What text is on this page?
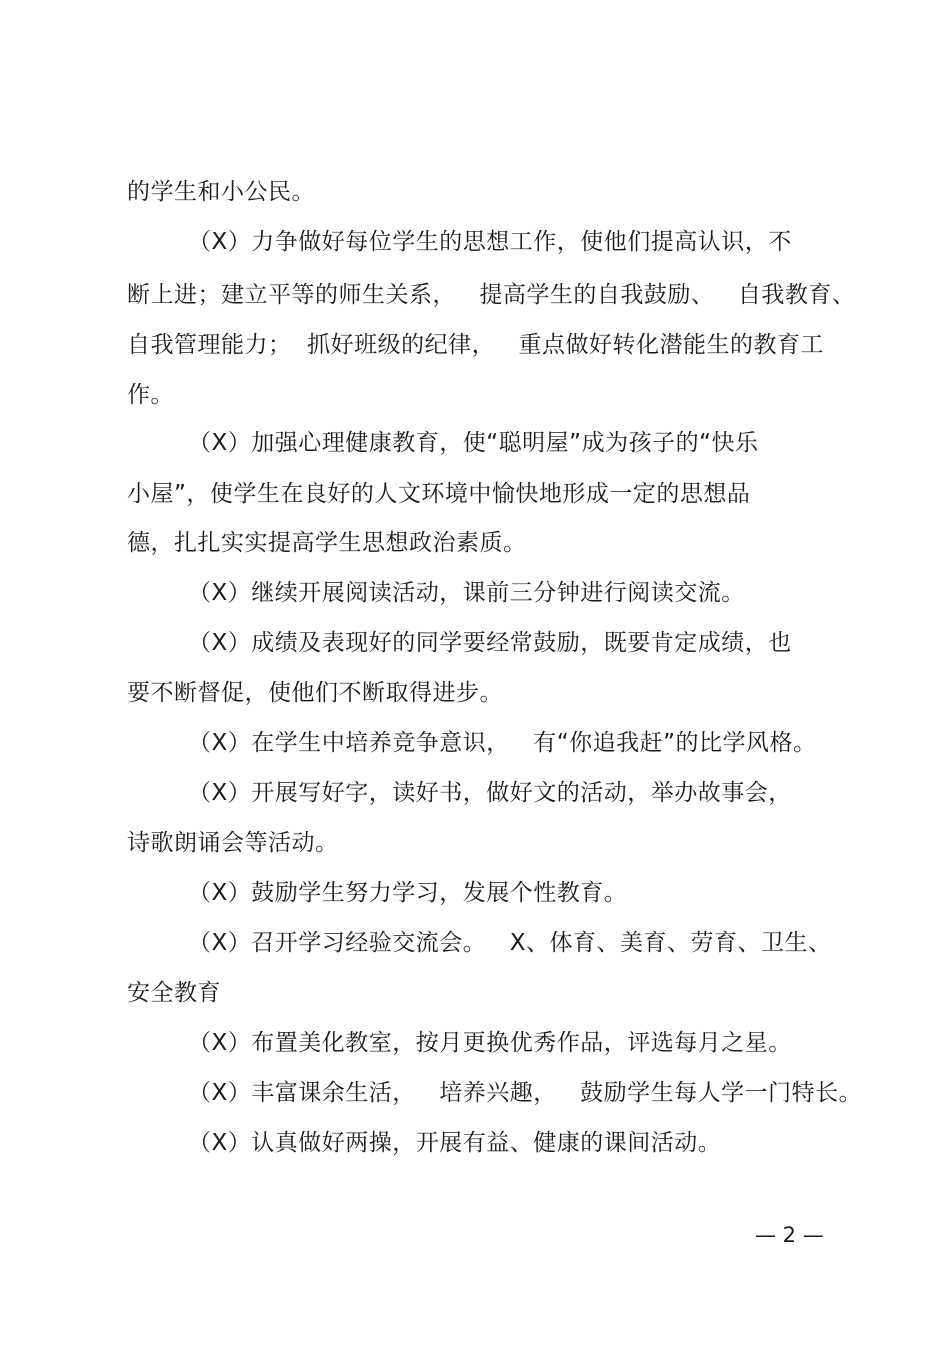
的学生和小公民。
（X）力争做好每位学生的思想工作，使他们提高认识，不
断上进；建立平等的师生关系，   提高学生的自我鼓励、   自我教育、
自我管理能力；  抓好班级的纪律，   重点做好转化潜能生的教育工
作。
（X）加强心理健康教育，使“聪明屋”成为孩子的“快乐
小屋”，使学生在良好的人文环境中愉快地形成一定的思想品
德，扎扎实实提高学生思想政治素质。
（X）继续开展阅读活动，课前三分钟进行阅读交流。
（X）成绩及表现好的同学要经常鼓励，既要肯定成绩，也
要不断督促，使他们不断取得进步。
（X）在学生中培养竞争意识，   有“你追我赶”的比学风格。
（X）开展写好字，读好书，做好文的活动，举办故事会，
诗歌朗诵会等活动。
（X）鼓励学生努力学习，发展个性教育。
（X）召开学习经验交流会。   X、体育、美育、劳育、卫生、
安全教育
（X）布置美化教室，按月更换优秀作品，评选每月之星。
（X）丰富课余生活，   培养兴趣，   鼓励学生每人学一门特长。
（X）认真做好两操，开展有益、健康的课间活动。
— 2 —
